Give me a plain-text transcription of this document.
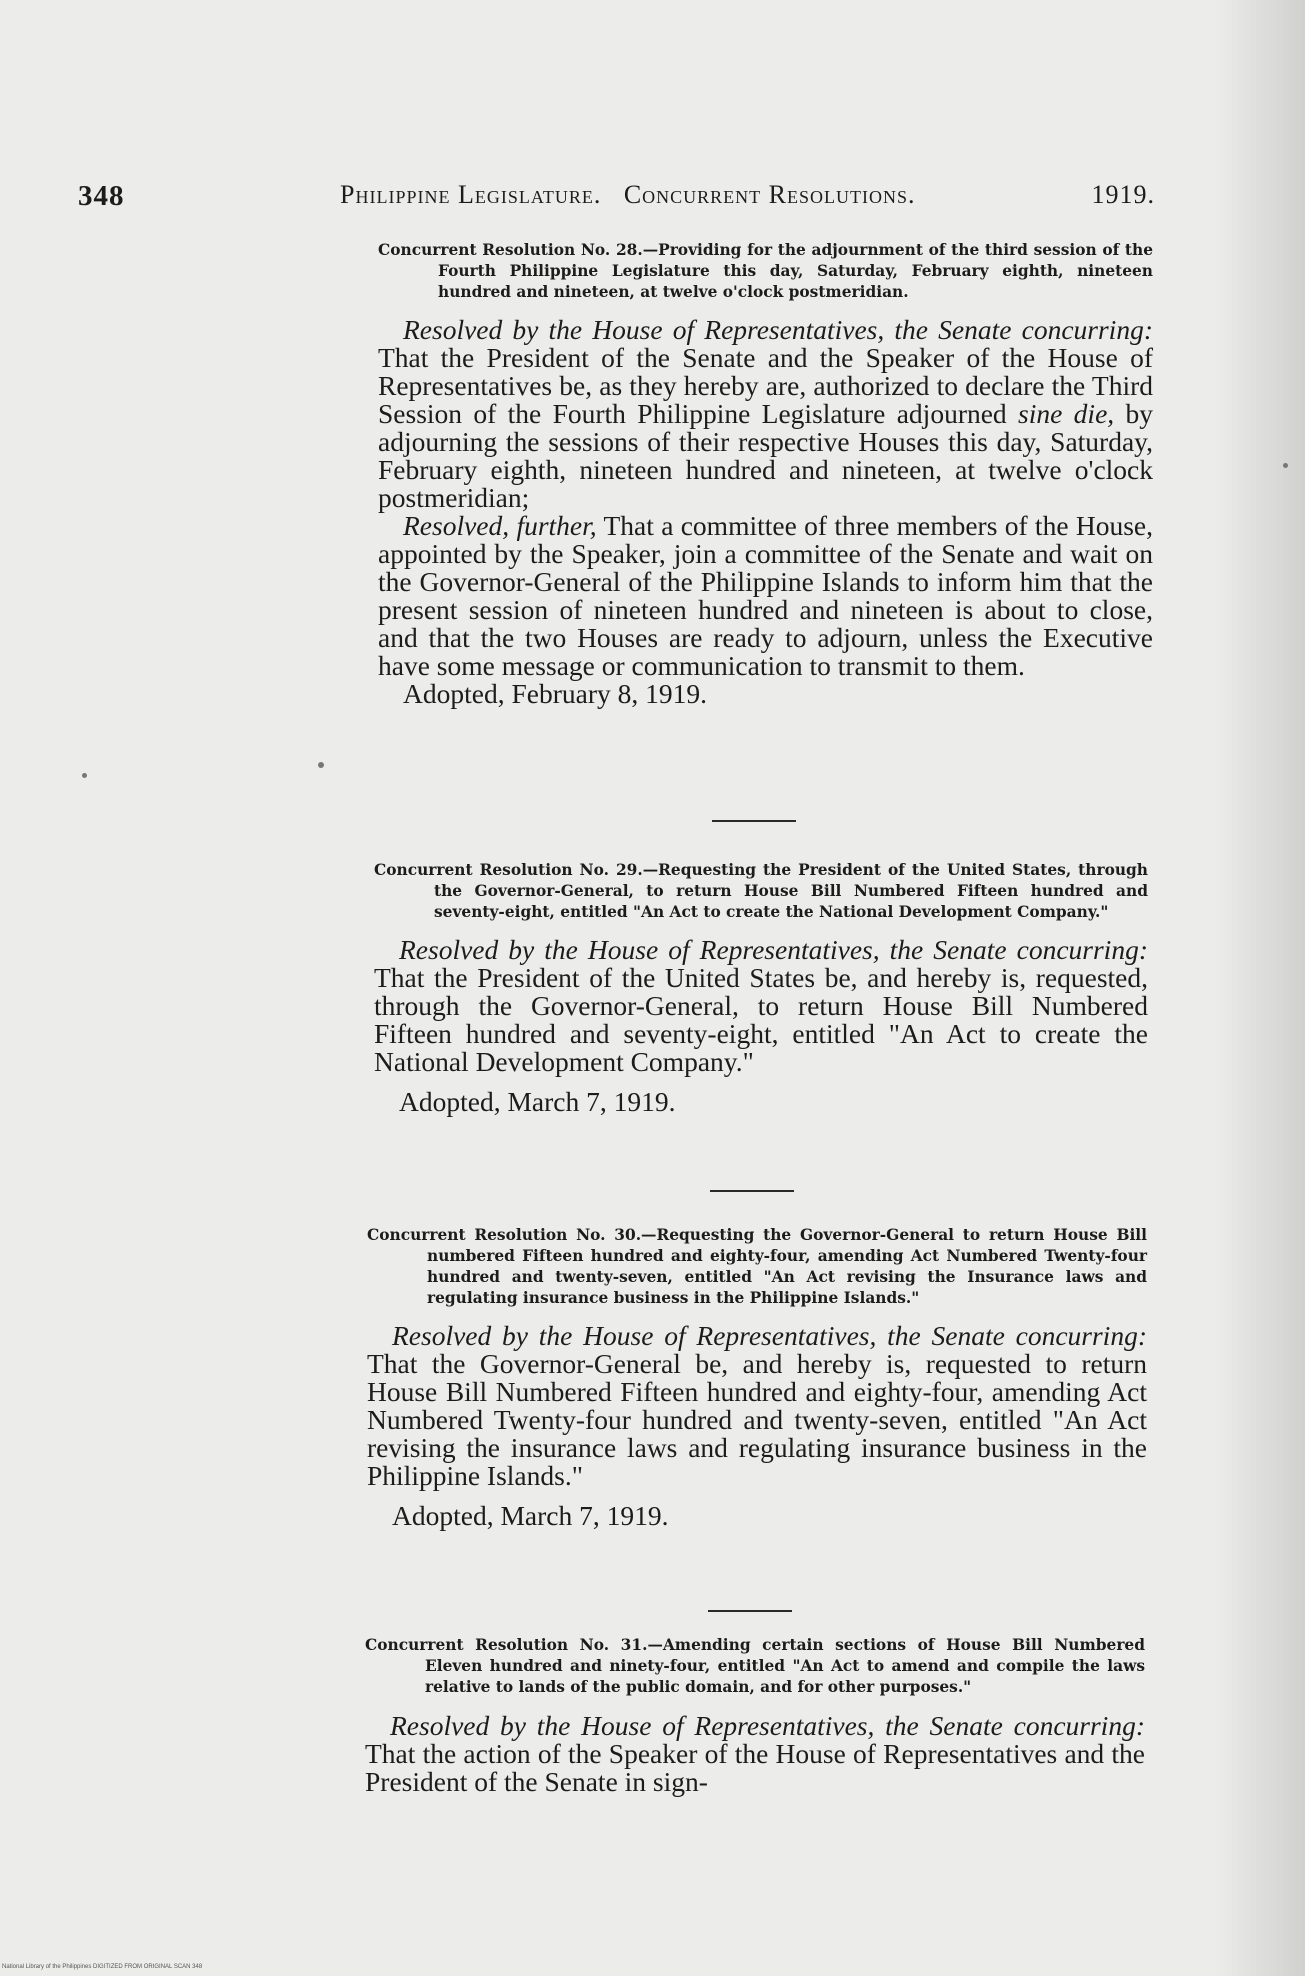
348	Philippine Legislature. Concurrent Resolutions.	1919.

Concurrent Resolution No. 28.—Providing for the adjournment of the third session of the Fourth Philippine Legislature this day, Saturday, February eighth, nineteen hundred and nineteen, at twelve o'clock postmeridian.

Resolved by the House of Representatives, the Senate concurring: That the President of the Senate and the Speaker of the House of Representatives be, as they hereby are, authorized to declare the Third Session of the Fourth Philippine Legislature adjourned sine die, by adjourning the sessions of their respective Houses this day, Saturday, February eighth, nineteen hundred and nineteen, at twelve o'clock postmeridian;

Resolved, further, That a committee of three members of the House, appointed by the Speaker, join a committee of the Senate and wait on the Governor-General of the Philippine Islands to inform him that the present session of nineteen hundred and nineteen is about to close, and that the two Houses are ready to adjourn, unless the Executive have some message or communication to transmit to them.

Adopted, February 8, 1919.

Concurrent Resolution No. 29.—Requesting the President of the United States, through the Governor-General, to return House Bill Numbered Fifteen hundred and seventy-eight, entitled "An Act to create the National Development Company."

Resolved by the House of Representatives, the Senate concurring: That the President of the United States be, and hereby is, requested, through the Governor-General, to return House Bill Numbered Fifteen hundred and seventy-eight, entitled "An Act to create the National Development Company."

Adopted, March 7, 1919.

Concurrent Resolution No. 30.—Requesting the Governor-General to return House Bill numbered Fifteen hundred and eighty-four, amending Act Numbered Twenty-four hundred and twenty-seven, entitled "An Act revising the Insurance laws and regulating insurance business in the Philippine Islands."

Resolved by the House of Representatives, the Senate concurring: That the Governor-General be, and hereby is, requested to return House Bill Numbered Fifteen hundred and eighty-four, amending Act Numbered Twenty-four hundred and twenty-seven, entitled "An Act revising the insurance laws and regulating insurance business in the Philippine Islands."

Adopted, March 7, 1919.

Concurrent Resolution No. 31.—Amending certain sections of House Bill Numbered Eleven hundred and ninety-four, entitled "An Act to amend and compile the laws relative to lands of the public domain, and for other purposes."

Resolved by the House of Representatives, the Senate concurring: That the action of the Speaker of the House of Representatives and the President of the Senate in sign-

National Library of the Philippines DIGITIZED FROM ORIGINAL SCAN 348
